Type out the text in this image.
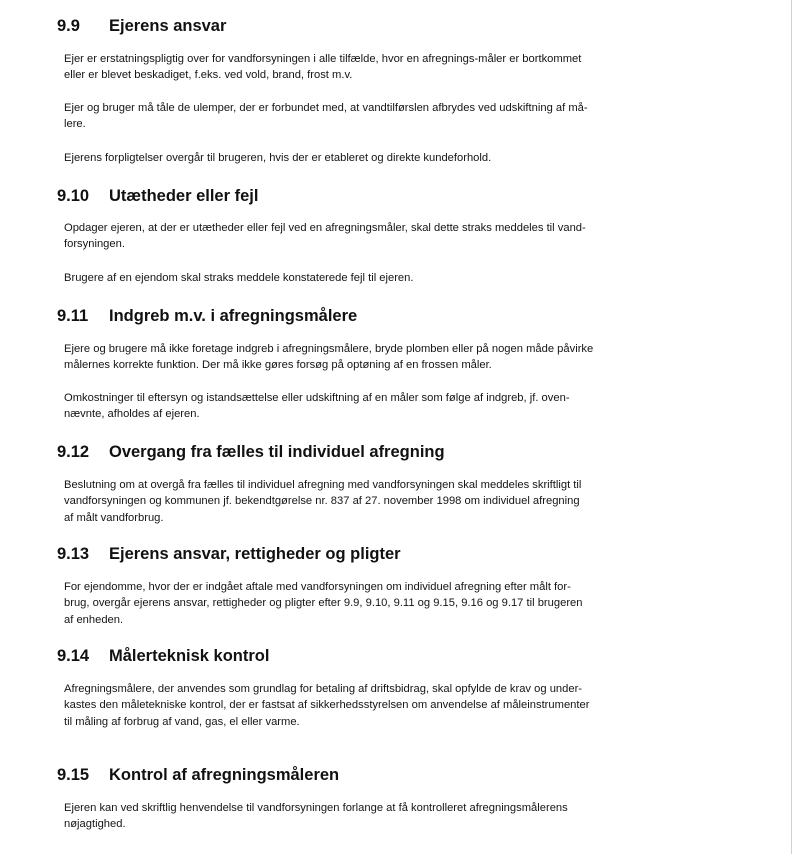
9.9 Ejerens ansvar
Ejer er erstatningspligtig over for vandforsyningen i alle tilfælde, hvor en afregnings-måler er bortkommet
eller er blevet beskadiget, f.eks. ved vold, brand, frost m.v.
Ejer og bruger må tåle de ulemper, der er forbundet med, at vandtilførslen afbrydes ved udskiftning af må-
lere.
Ejerens forpligtelser overgår til brugeren, hvis der er etableret og direkte kundeforhold.
9.10 Utætheder eller fejl
Opdager ejeren, at der er utætheder eller fejl ved en afregningsmåler, skal dette straks meddeles til vand-
forsyningen.
Brugere af en ejendom skal straks meddele konstaterede fejl til ejeren.
9.11 Indgreb m.v. i afregningsmålere
Ejere og brugere må ikke foretage indgreb i afregningsmålere, bryde plomben eller på nogen måde påvirke
målernes korrekte funktion. Der må ikke gøres forsøg på optøning af en frossen måler.
Omkostninger til eftersyn og istandsættelse eller udskiftning af en måler som følge af indgreb, jf. oven-
nævnte, afholdes af ejeren.
9.12 Overgang fra fælles til individuel afregning
Beslutning om at overgå fra fælles til individuel afregning med vandforsyningen skal meddeles skriftligt til
vandforsyningen og kommunen jf. bekendtgørelse nr. 837 af 27. november 1998 om individuel afregning
af målt vandforbrug.
9.13 Ejerens ansvar, rettigheder og pligter
For ejendomme, hvor der er indgået aftale med vandforsyningen om individuel afregning efter målt for-
brug, overgår ejerens ansvar, rettigheder og pligter efter 9.9, 9.10, 9.11 og 9.15, 9.16 og 9.17 til brugeren
af enheden.
9.14 Målerteknisk kontrol
Afregningsmålere, der anvendes som grundlag for betaling af driftsbidrag, skal opfylde de krav og under-
kastes den måletekniske kontrol, der er fastsat af sikkerhedsstyrelsen om anvendelse af måleinstrumenter
til måling af forbrug af vand, gas, el eller varme.
9.15 Kontrol af afregningsmåleren
Ejeren kan ved skriftlig henvendelse til vandforsyningen forlange at få kontrolleret afregningsmålerens
nøjagtighed.
